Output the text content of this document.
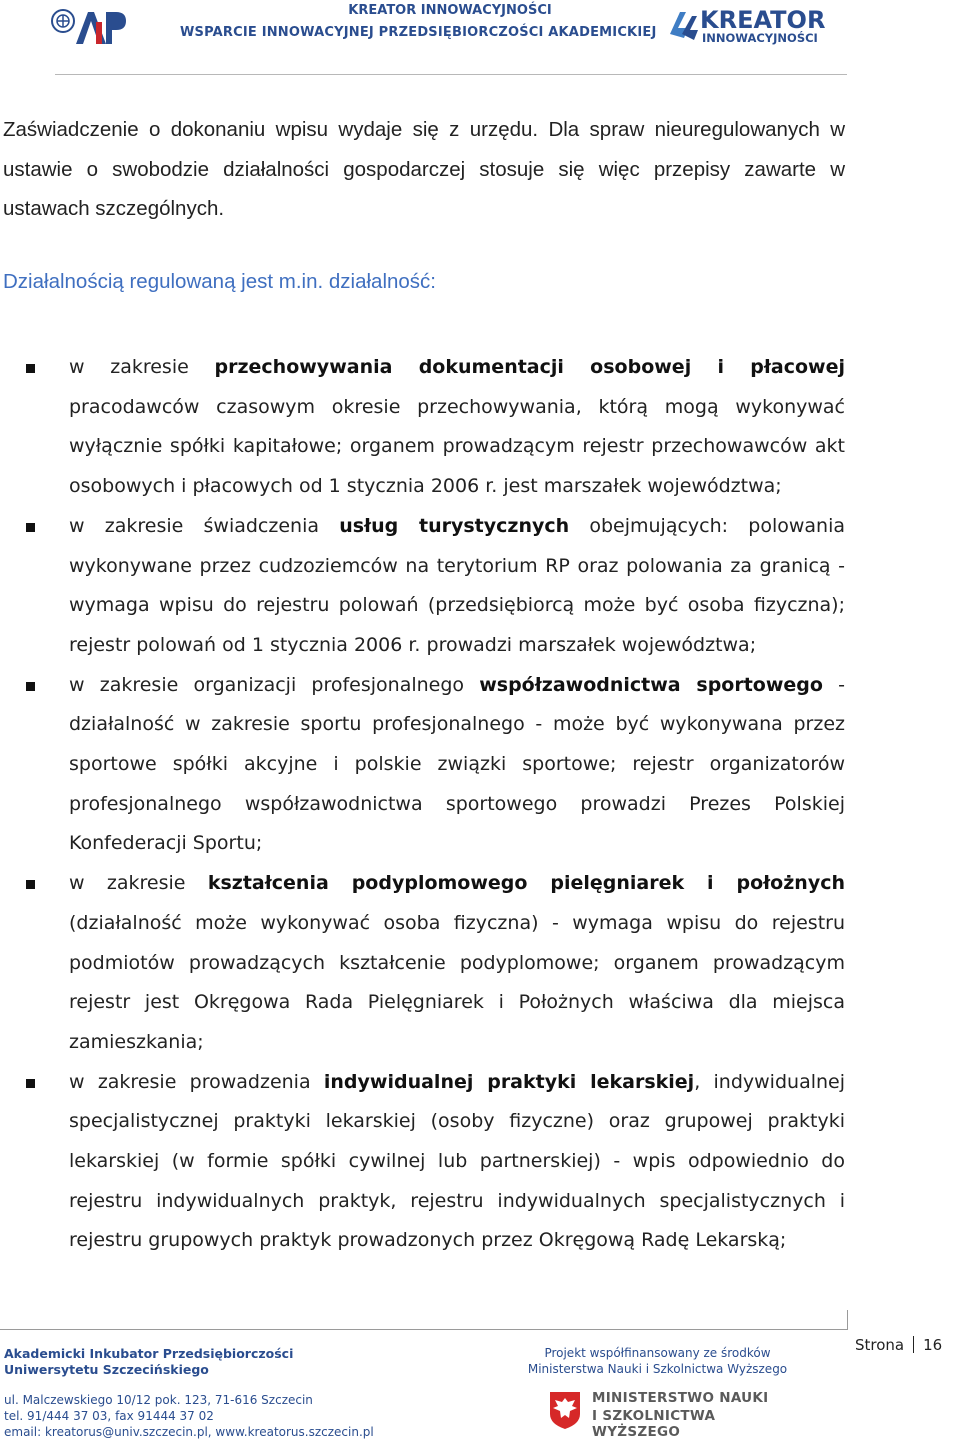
KREATOR INNOWACYJNOŚCI
WSPARCIE INNOWACYJNEJ PRZEDSIĘBIORCZOŚCI AKADEMICKIEJ	KREATOR
INNOWACYJNOŚCI

Zaświadczenie o dokonaniu wpisu wydaje się z urzędu. Dla spraw nieuregulowanych w ustawie o swobodzie działalności gospodarczej stosuje się więc przepisy zawarte w ustawach szczególnych.

Działalnością regulowaną jest m.in. działalność:

w zakresie przechowywania dokumentacji osobowej i płacowej pracodawców czasowym okresie przechowywania, którą mogą wykonywać wyłącznie spółki kapitałowe; organem prowadzącym rejestr przechowawców akt osobowych i płacowych od 1 stycznia 2006 r. jest marszałek województwa;
w zakresie świadczenia usług turystycznych obejmujących: polowania wykonywane przez cudzoziemców na terytorium RP oraz polowania za granicą - wymaga wpisu do rejestru polowań (przedsiębiorcą może być osoba fizyczna); rejestr polowań od 1 stycznia 2006 r. prowadzi marszałek województwa;
w zakresie organizacji profesjonalnego współzawodnictwa sportowego - działalność w zakresie sportu profesjonalnego - może być wykonywana przez sportowe spółki akcyjne i polskie związki sportowe; rejestr organizatorów profesjonalnego współzawodnictwa sportowego prowadzi Prezes Polskiej Konfederacji Sportu;
w zakresie kształcenia podyplomowego pielęgniarek i położnych (działalność może wykonywać osoba fizyczna) - wymaga wpisu do rejestru podmiotów prowadzących kształcenie podyplomowe; organem prowadzącym rejestr jest Okręgowa Rada Pielęgniarek i Położnych właściwa dla miejsca zamieszkania;
w zakresie prowadzenia indywidualnej praktyki lekarskiej, indywidualnej specjalistycznej praktyki lekarskiej (osoby fizyczne) oraz grupowej praktyki lekarskiej (w formie spółki cywilnej lub partnerskiej) - wpis odpowiednio do rejestru indywidualnych praktyk, rejestru indywidualnych specjalistycznych i rejestru grupowych praktyk prowadzonych przez Okręgową Radę Lekarską;
Akademicki Inkubator Przedsiębiorczości
Uniwersytetu Szczecińskiego
Projekt współfinansowany ze środków
Ministerstwa Nauki i Szkolnictwa Wyższego
Strona 16
ul. Malczewskiego 10/12 pok. 123, 71-616 Szczecin
tel. 91/444 37 03, fax 91444 37 02
email: kreatorus@univ.szczecin.pl, www.kreatorus.szczecin.pl
MINISTERSTWO NAUKI
I SZKOLNICTWA WYŻSZEGO
